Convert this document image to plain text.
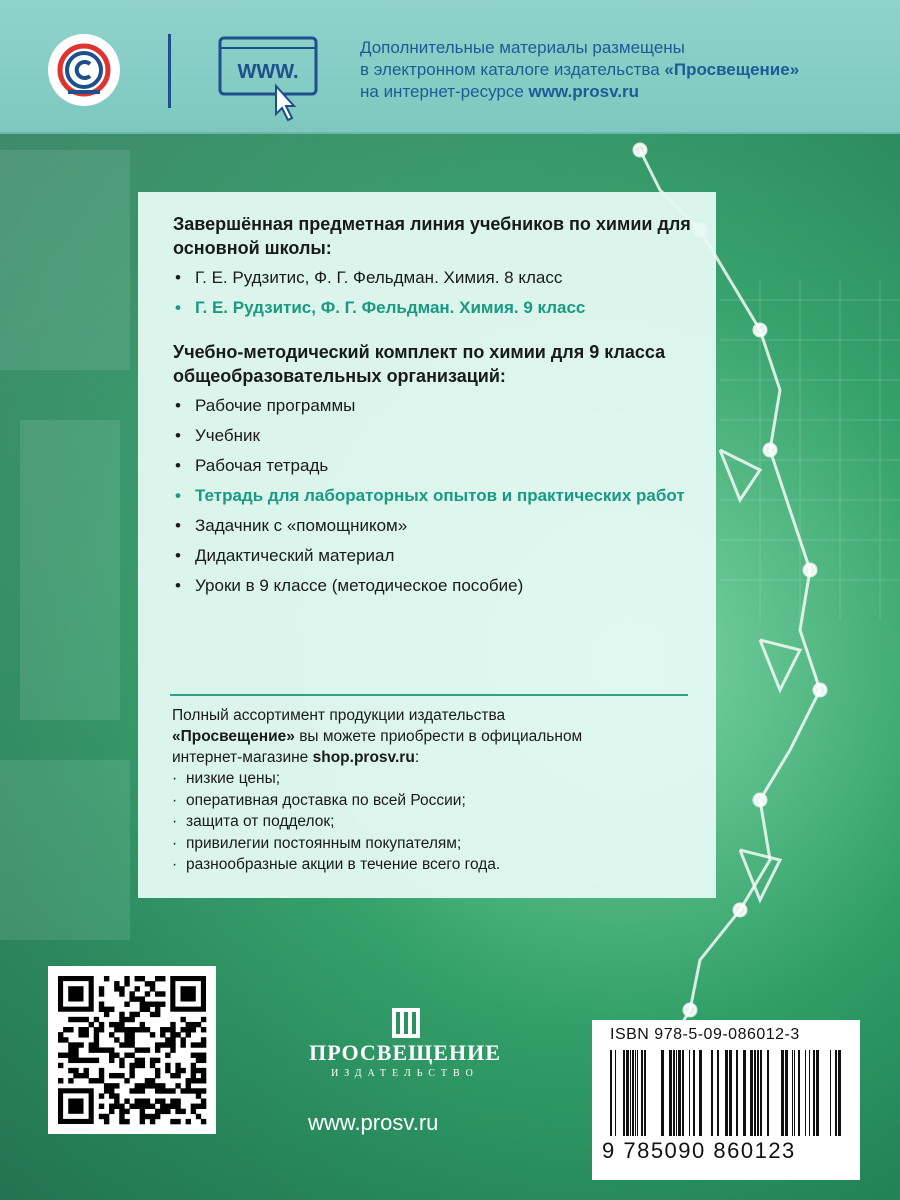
WWW.
Дополнительные материалы размещены
в электронном каталоге издательства «Просвещение»
на интернет-ресурсе www.prosv.ru
Завершённая предметная линия учебников по химии для основной школы:
• Г. Е. Рудзитис, Ф. Г. Фельдман. Химия. 8 класс
• Г. Е. Рудзитис, Ф. Г. Фельдман. Химия. 9 класс
Учебно-методический комплект по химии для 9 класса общеобразовательных организаций:
• Рабочие программы
• Учебник
• Рабочая тетрадь
• Тетрадь для лабораторных опытов и практических работ
• Задачник с «помощником»
• Дидактический материал
• Уроки в 9 классе (методическое пособие)
Полный ассортимент продукции издательства
«Просвещение» вы можете приобрести в официальном
интернет-магазине shop.prosv.ru:
· низкие цены;
· оперативная доставка по всей России;
· защита от подделок;
· привилегии постоянным покупателям;
· разнообразные акции в течение всего года.
ПРОСВЕЩЕНИЕ
ИЗДАТЕЛЬСТВО
www.prosv.ru
ISBN 978-5-09-086012-3
9 785090 860123
